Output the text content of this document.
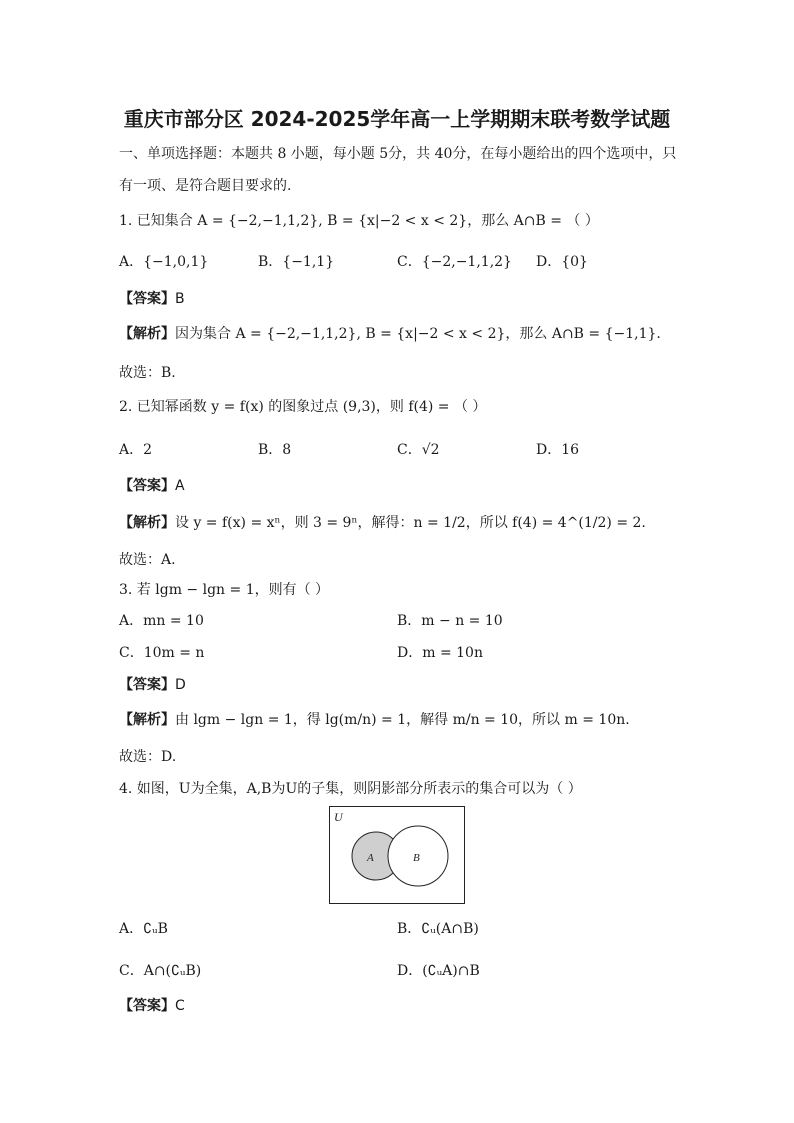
重庆市部分区 2024-2025学年高一上学期期末联考数学试题
一、单项选择题：本题共 8 小题，每小题 5分，共 40分，在每小题给出的四个选项中，只
有一项、是符合题目要求的.
1. 已知集合 A = {−2,−1,1,2}, B = {x|−2 < x < 2}，那么 A∩B = （ ）
A．{−1,0,1}	B．{−1,1}	C．{−2,−1,1,2} D．{0}
【答案】B
【解析】因为集合 A = {−2,−1,1,2}, B = {x|−2 < x < 2}，那么 A∩B = {−1,1}.
故选：B.
2. 已知幂函数 y = f(x) 的图象过点 (9,3)，则 f(4) = （ ）
A．2	B．8	C．√2	D．16
【答案】A
【解析】设 y = f(x) = xⁿ，则 3 = 9ⁿ，解得：n = 1/2，所以 f(4) = 4^(1/2) = 2.
故选：A.
3. 若 lgm − lgn = 1，则有（ ）
A．mn = 10	B．m − n = 10
C．10m = n	D．m = 10n
【答案】D
【解析】由 lgm − lgn = 1，得 lg(m/n) = 1，解得 m/n = 10，所以 m = 10n.
故选：D.
4. 如图，U为全集，A,B为U的子集，则阴影部分所表示的集合可以为（ ）
U
A	B
A．∁ᵤB	B．∁ᵤ(A∩B)
C．A∩(∁ᵤB)	D．(∁ᵤA)∩B
【答案】C
